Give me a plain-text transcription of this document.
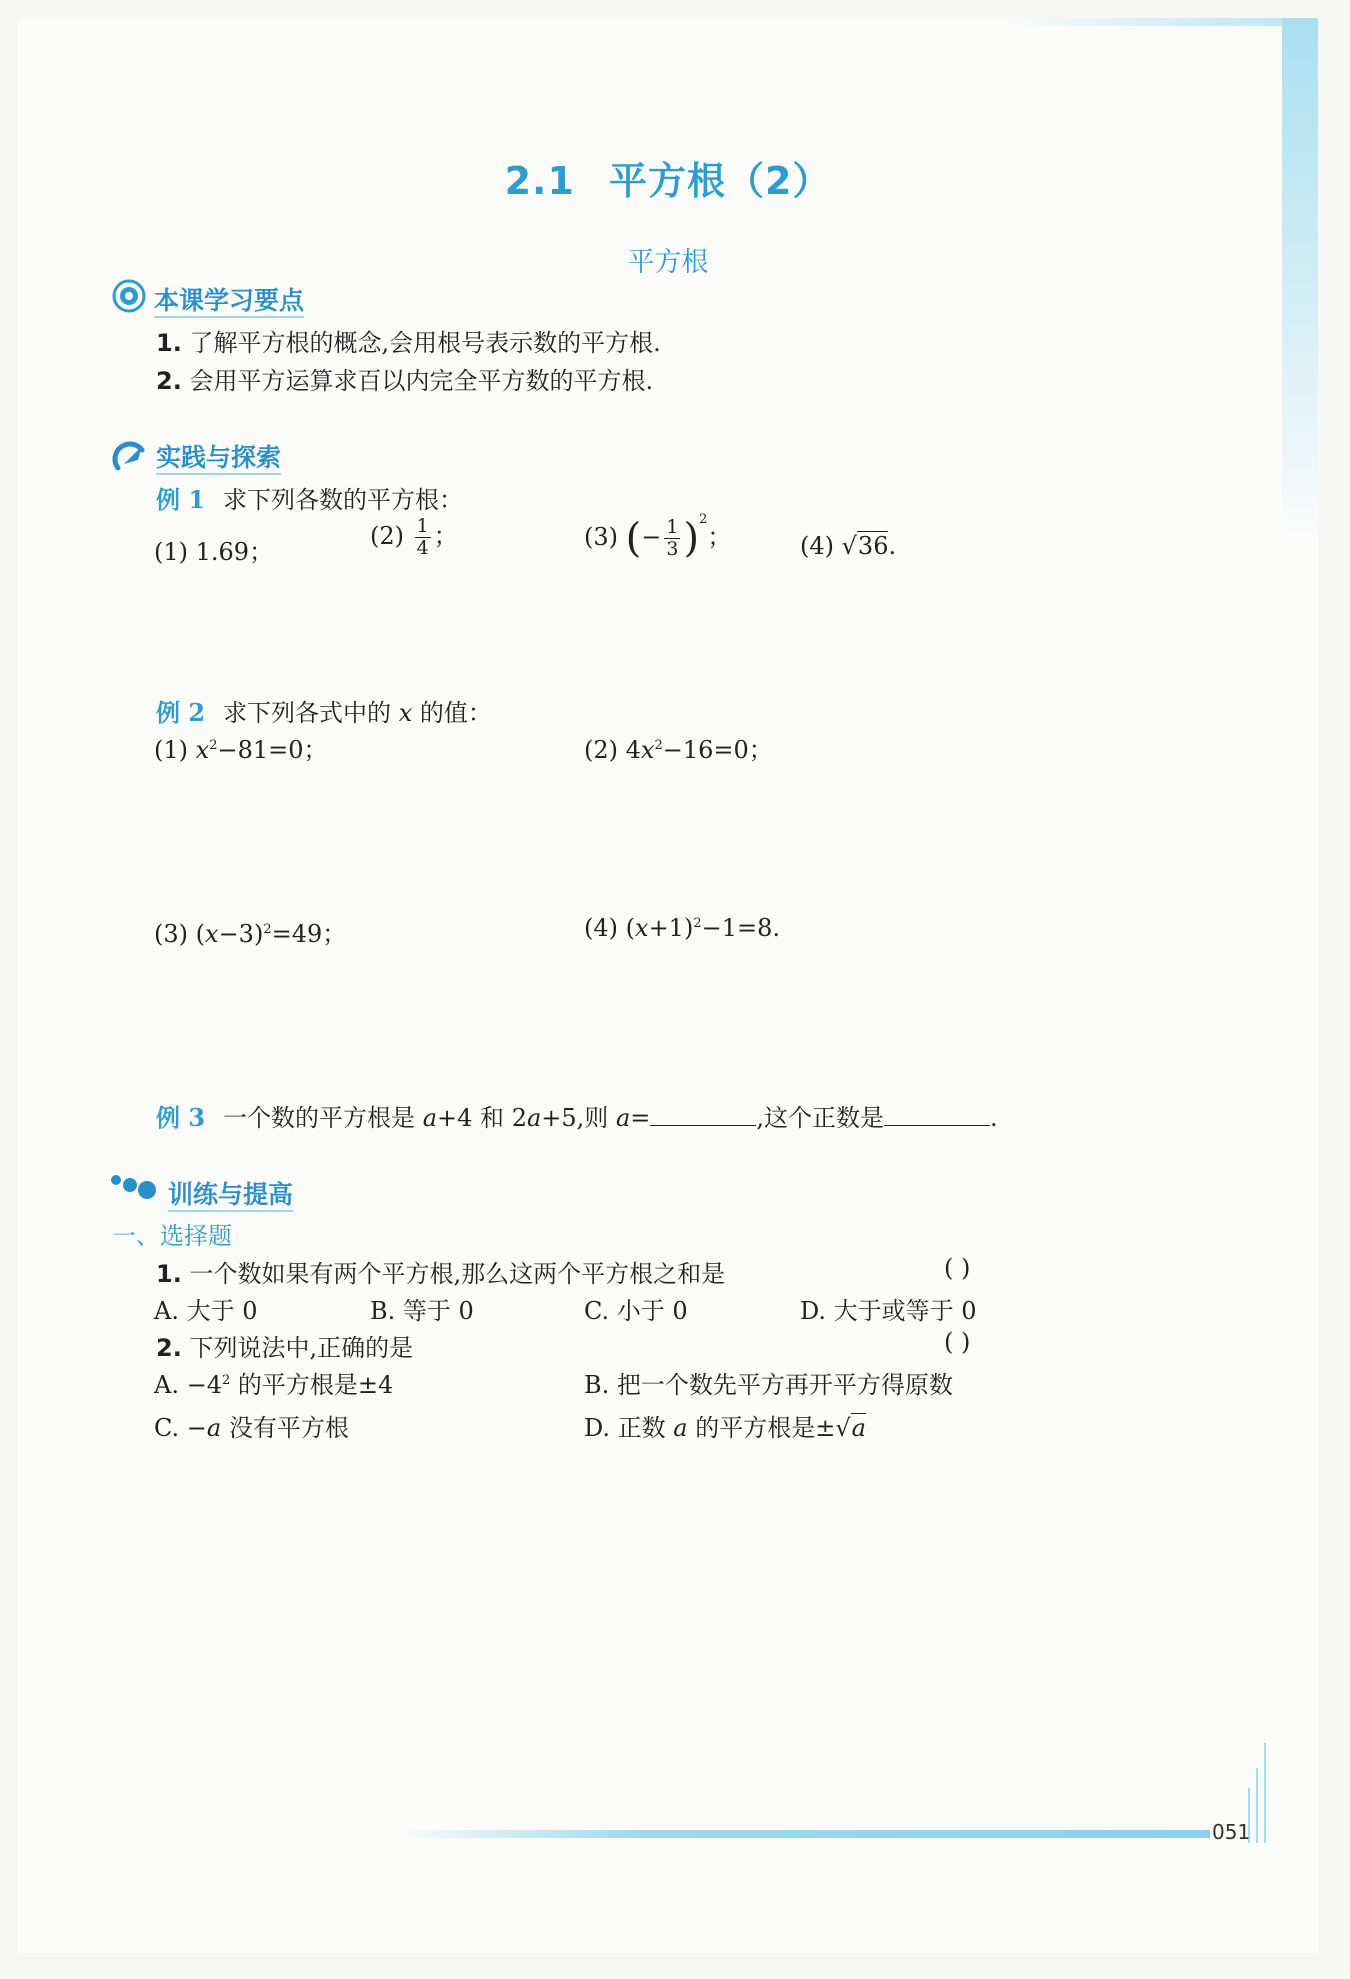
2.1 平方根（2）
平方根
本课学习要点
1. 了解平方根的概念,会用根号表示数的平方根.
2. 会用平方运算求百以内完全平方数的平方根.
实践与探索
例 1 求下列各数的平方根：
(1) 1.69；
$(2) \frac{1}{4}$ ；	(3) (− $\frac{1}{3} )^2$；	(4) √36.
例 2 求下列各式中的 x 的值：
(1) $x^2-81=0$；	(2) $4x^2-16=0$；
(3) $(x-3)^2=49$；	(4) $(x+1)^2-1=8$.
例 3 一个数的平方根是 a+4 和 2a+5,则 a=	,这个正数是	.
训练与提高
一、选择题
1. 一个数如果有两个平方根,那么这两个平方根之和是	( )
A. 大于 0	B. 等于 0	C. 小于 0	D. 大于或等于 0
2. 下列说法中,正确的是	( )
A. $-4^2$ 的平方根是±4	B. 把一个数先平方再开平方得原数
C. −a 没有平方根	D. 正数 a 的平方根是±√a
051
